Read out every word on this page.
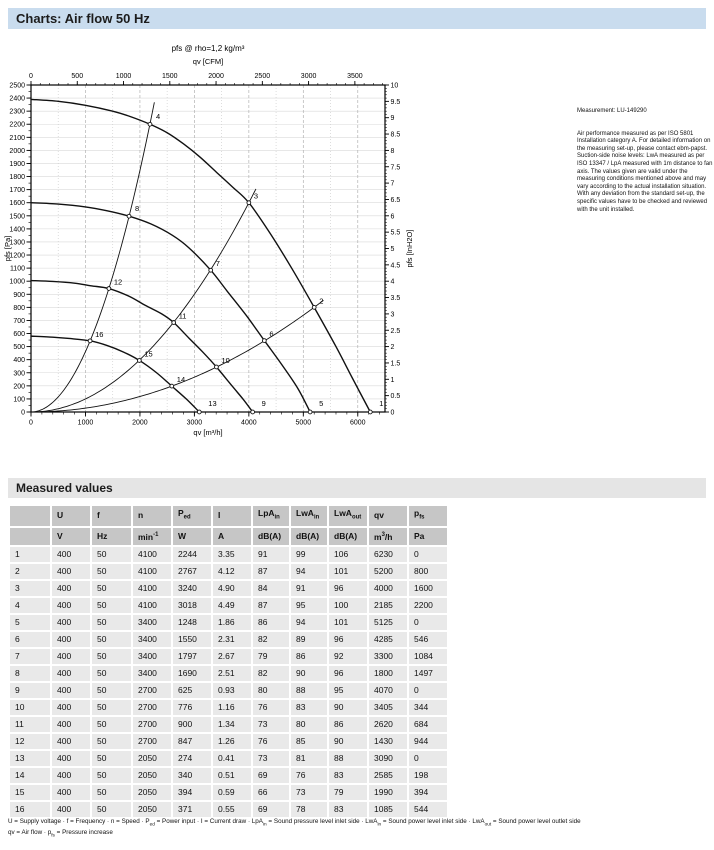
Charts: Air flow 50 Hz
pfs @ rho=1,2 kg/m³
qv [CFM]
qv [m³/h]
pfs [Pa]	pfs [InH2O]
0	500	1000	1500	2000	2500	3000	3500
0	1000	2000	3000	4000	5000	6000
0
100
200
300
400
500
600
700
800
900
1000
1100
1200
1300
1400
1500
1600
1700
1800
1900
2000
2100
2200
2300
2400
2500
0
0.5
1
1.5
2
2.5
3
3.5
4
4.5
5
5.5
6
6.5
7
7.5
8
8.5
9
9.5
10
1
2
3
4
5
6
7
8
9
10
11
12
13
14
15
16
Measurement: LU-149290
Air performance measured as per ISO 5801 Installation category A. For detailed information on the measuring set-up, please contact ebm-papst. Suction-side noise levels: LwA measured as per ISO 13347 / LpA measured with 1m distance to fan axis. The values given are valid under the measuring conditions mentioned above and may vary according to the actual installation situation. With any deviation from the standard set-up, the specific values have to be checked and reviewed with the unit installed.
Measured values
	U	f	n	$P_{ed}$	I	LpA$_{in}$	LwA$_{in}$	LwA$_{out}$	qv	$p_{fs}$
	V	Hz	$\min^{-1}$	W	A	dB(A)	dB(A)	dB(A)	$m^3/h$	Pa
1	400	50	4100	2244	3.35	91	99	106	6230	0
2	400	50	4100	2767	4.12	87	94	101	5200	800
3	400	50	4100	3240	4.90	84	91	96	4000	1600
4	400	50	4100	3018	4.49	87	95	100	2185	2200
5	400	50	3400	1248	1.86	86	94	101	5125	0
6	400	50	3400	1550	2.31	82	89	96	4285	546
7	400	50	3400	1797	2.67	79	86	92	3300	1084
8	400	50	3400	1690	2.51	82	90	96	1800	1497
9	400	50	2700	625	0.93	80	88	95	4070	0
10	400	50	2700	776	1.16	76	83	90	3405	344
11	400	50	2700	900	1.34	73	80	86	2620	684
12	400	50	2700	847	1.26	76	85	90	1430	944
13	400	50	2050	274	0.41	73	81	88	3090	0
14	400	50	2050	340	0.51	69	76	83	2585	198
15	400	50	2050	394	0.59	66	73	79	1990	394
16	400	50	2050	371	0.55	69	78	83	1085	544
U = Supply voltage · f = Frequency · n = Speed · $P_{ed}$ = Power input · I = Current draw · LpA$_{in}$ = Sound pressure level inlet side · LwA$_{in}$ = Sound power level inlet side · LwA$_{out}$ = Sound power level outlet side
qv = Air flow · $p_{fs}$ = Pressure increase
